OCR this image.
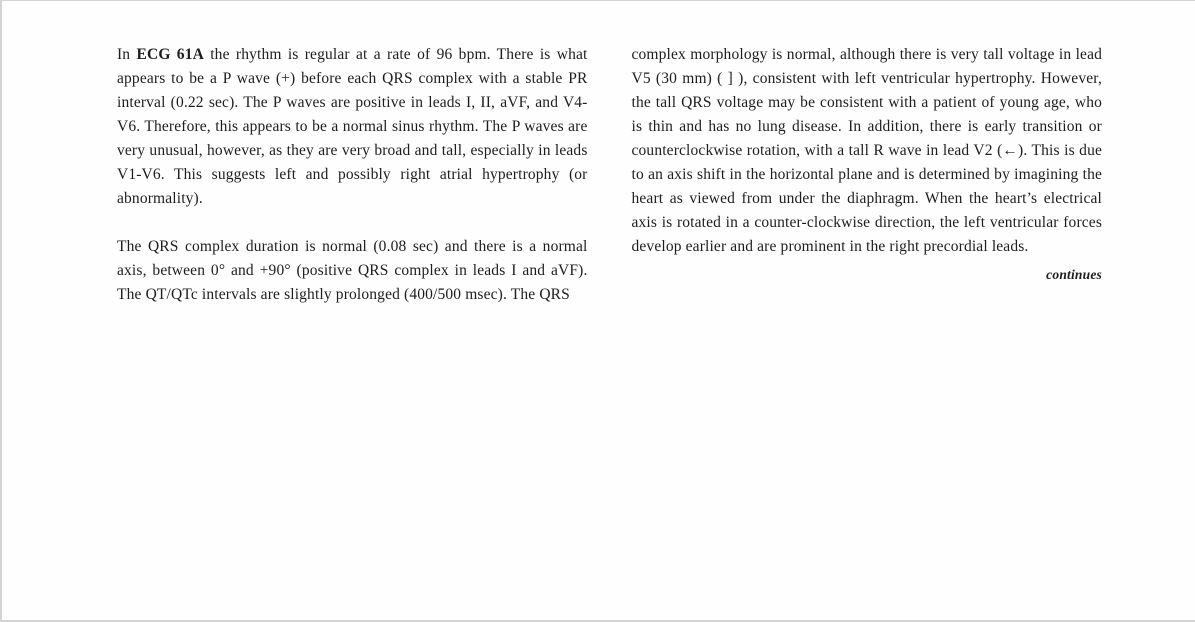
In ECG 61A the rhythm is regular at a rate of 96 bpm. There is what appears to be a P wave (+) before each QRS complex with a stable PR interval (0.22 sec). The P waves are positive in leads I, II, aVF, and V4-V6. Therefore, this appears to be a normal sinus rhythm. The P waves are very unusual, however, as they are very broad and tall, especially in leads V1-V6. This suggests left and possibly right atrial hypertrophy (or abnormality).

The QRS complex duration is normal (0.08 sec) and there is a normal axis, between 0° and +90° (positive QRS complex in leads I and aVF). The QT/QTc intervals are slightly prolonged (400/500 msec). The QRS

complex morphology is normal, although there is very tall voltage in lead V5 (30 mm) ( ] ), consistent with left ventricular hypertrophy. However, the tall QRS voltage may be consistent with a patient of young age, who is thin and has no lung disease. In addition, there is early transition or counterclockwise rotation, with a tall R wave in lead V2 (←). This is due to an axis shift in the horizontal plane and is determined by imagining the heart as viewed from under the diaphragm. When the heart’s electrical axis is rotated in a counter-clockwise direction, the left ventricular forces develop earlier and are prominent in the right precordial leads.

continues
